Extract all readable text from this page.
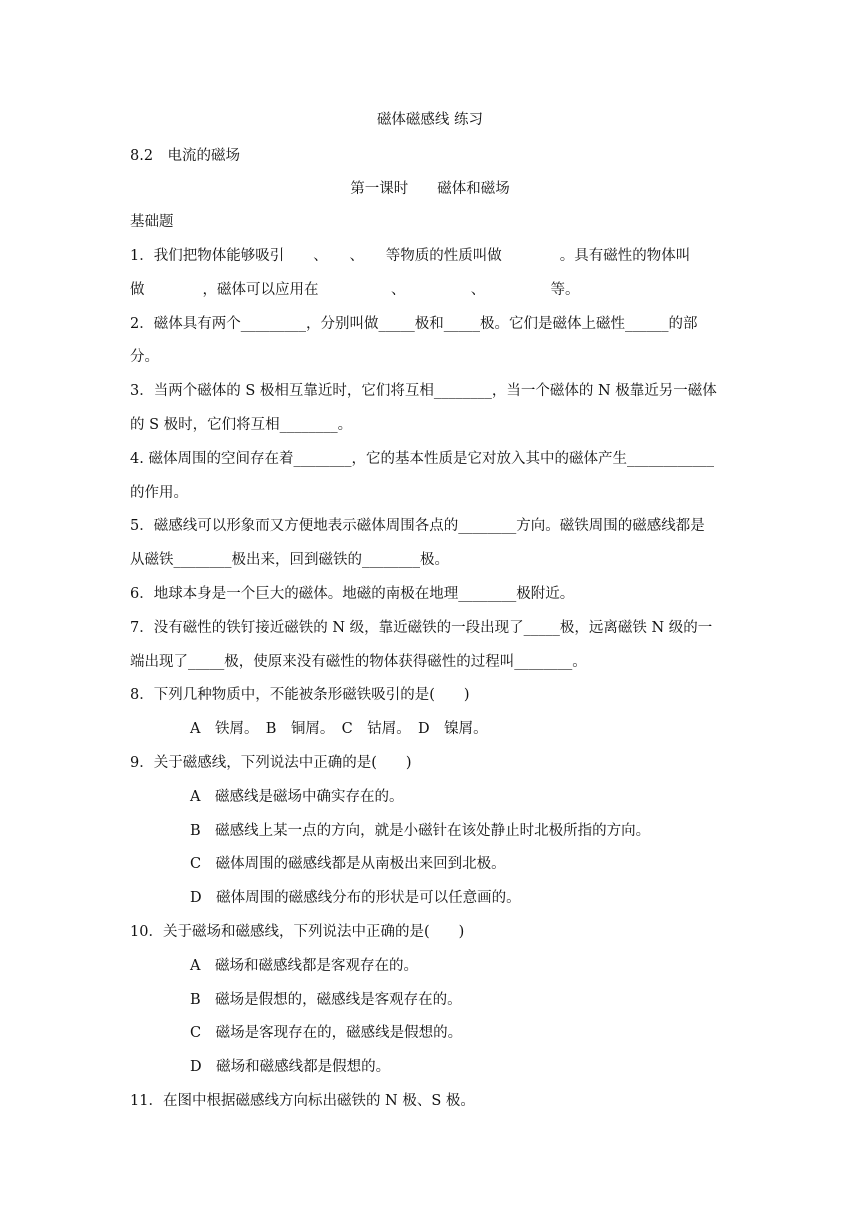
磁体磁感线 练习
8.2　电流的磁场
第一课时　　磁体和磁场
基础题
1．我们把物体能够吸引　　、　　、　　等物质的性质叫做　　　　。具有磁性的物体叫
做　　　　，磁体可以应用在　　　　　、　　　　　、　　　　　等。
2．磁体具有两个_________，分别叫做_____极和_____极。它们是磁体上磁性______的部
分。
3．当两个磁体的 S 极相互靠近时，它们将互相________，当一个磁体的 N 极靠近另一磁体
的 S 极时，它们将互相________。
4. 磁体周围的空间存在着________，它的基本性质是它对放入其中的磁体产生____________
的作用。
5．磁感线可以形象而又方便地表示磁体周围各点的________方向。磁铁周围的磁感线都是
从磁铁________极出来，回到磁铁的________极。
6．地球本身是一个巨大的磁体。地磁的南极在地理________极附近。
7．没有磁性的铁钉接近磁铁的 N 级，靠近磁铁的一段出现了_____极，远离磁铁 N 级的一
端出现了_____极，使原来没有磁性的物体获得磁性的过程叫________。
8．下列几种物质中，不能被条形磁铁吸引的是(　　)
A　铁屑。　B　铜屑。　C　钴屑。　D　镍屑。
9．关于磁感线，下列说法中正确的是(　　)
A　磁感线是磁场中确实存在的。
B　磁感线上某一点的方向，就是小磁针在该处静止时北极所指的方向。
C　磁体周围的磁感线都是从南极出来回到北极。
D　磁体周围的磁感线分布的形状是可以任意画的。
10．关于磁场和磁感线，下列说法中正确的是(　　)
A　磁场和磁感线都是客观存在的。
B　磁场是假想的，磁感线是客观存在的。
C　磁场是客现存在的，磁感线是假想的。
D　磁场和磁感线都是假想的。
11．在图中根据磁感线方向标出磁铁的 N 极、S 极。
